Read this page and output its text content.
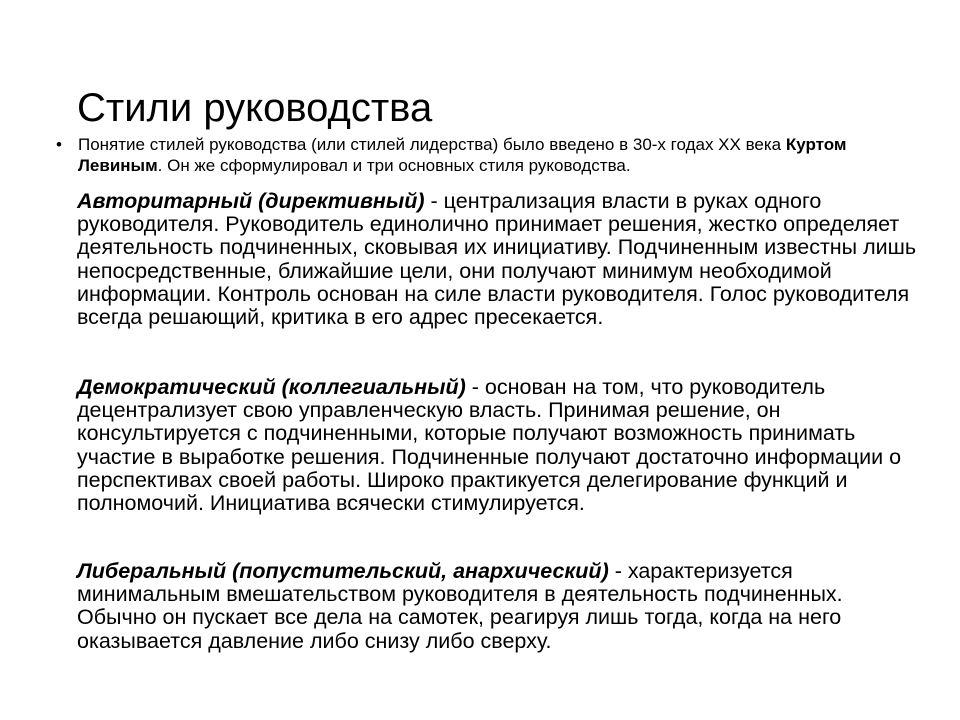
Стили руководства
• Понятие стилей руководства (или стилей лидерства) было введено в 30-х годах XX века Куртом Левиным. Он же сформулировал и три основных стиля руководства.
Авторитарный (директивный) - централизация власти в руках одного руководителя. Руководитель единолично принимает решения, жестко определяет деятельность подчиненных, сковывая их инициативу. Подчиненным известны лишь непосредственные, ближайшие цели, они получают минимум необходимой информации. Контроль основан на силе власти руководителя. Голос руководителя всегда решающий, критика в его адрес пресекается.
Демократический (коллегиальный) - основан на том, что руководитель децентрализует свою управленческую власть. Принимая решение, он консультируется с подчиненными, которые получают возможность принимать участие в выработке решения. Подчиненные получают достаточно информации о перспективах своей работы. Широко практикуется делегирование функций и полномочий. Инициатива всячески стимулируется.
Либеральный (попустительский, анархический) - характеризуется минимальным вмешательством руководителя в деятельность подчиненных. Обычно он пускает все дела на самотек, реагируя лишь тогда, когда на него оказывается давление либо снизу либо сверху.
